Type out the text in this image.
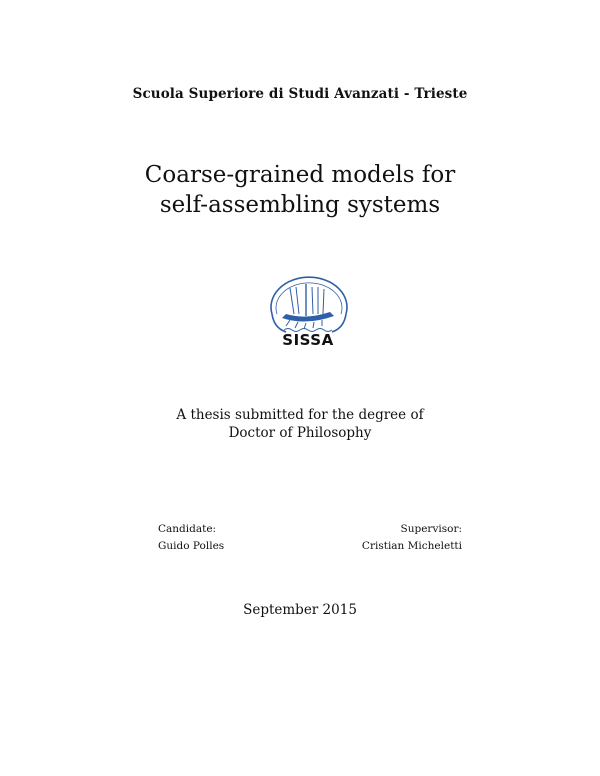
Scuola Superiore di Studi Avanzati - Trieste
Coarse-grained models for
self-assembling systems
SISSA
A thesis submitted for the degree of
Doctor of Philosophy
Candidate:
Guido Polles
Supervisor:
Cristian Micheletti
September 2015
